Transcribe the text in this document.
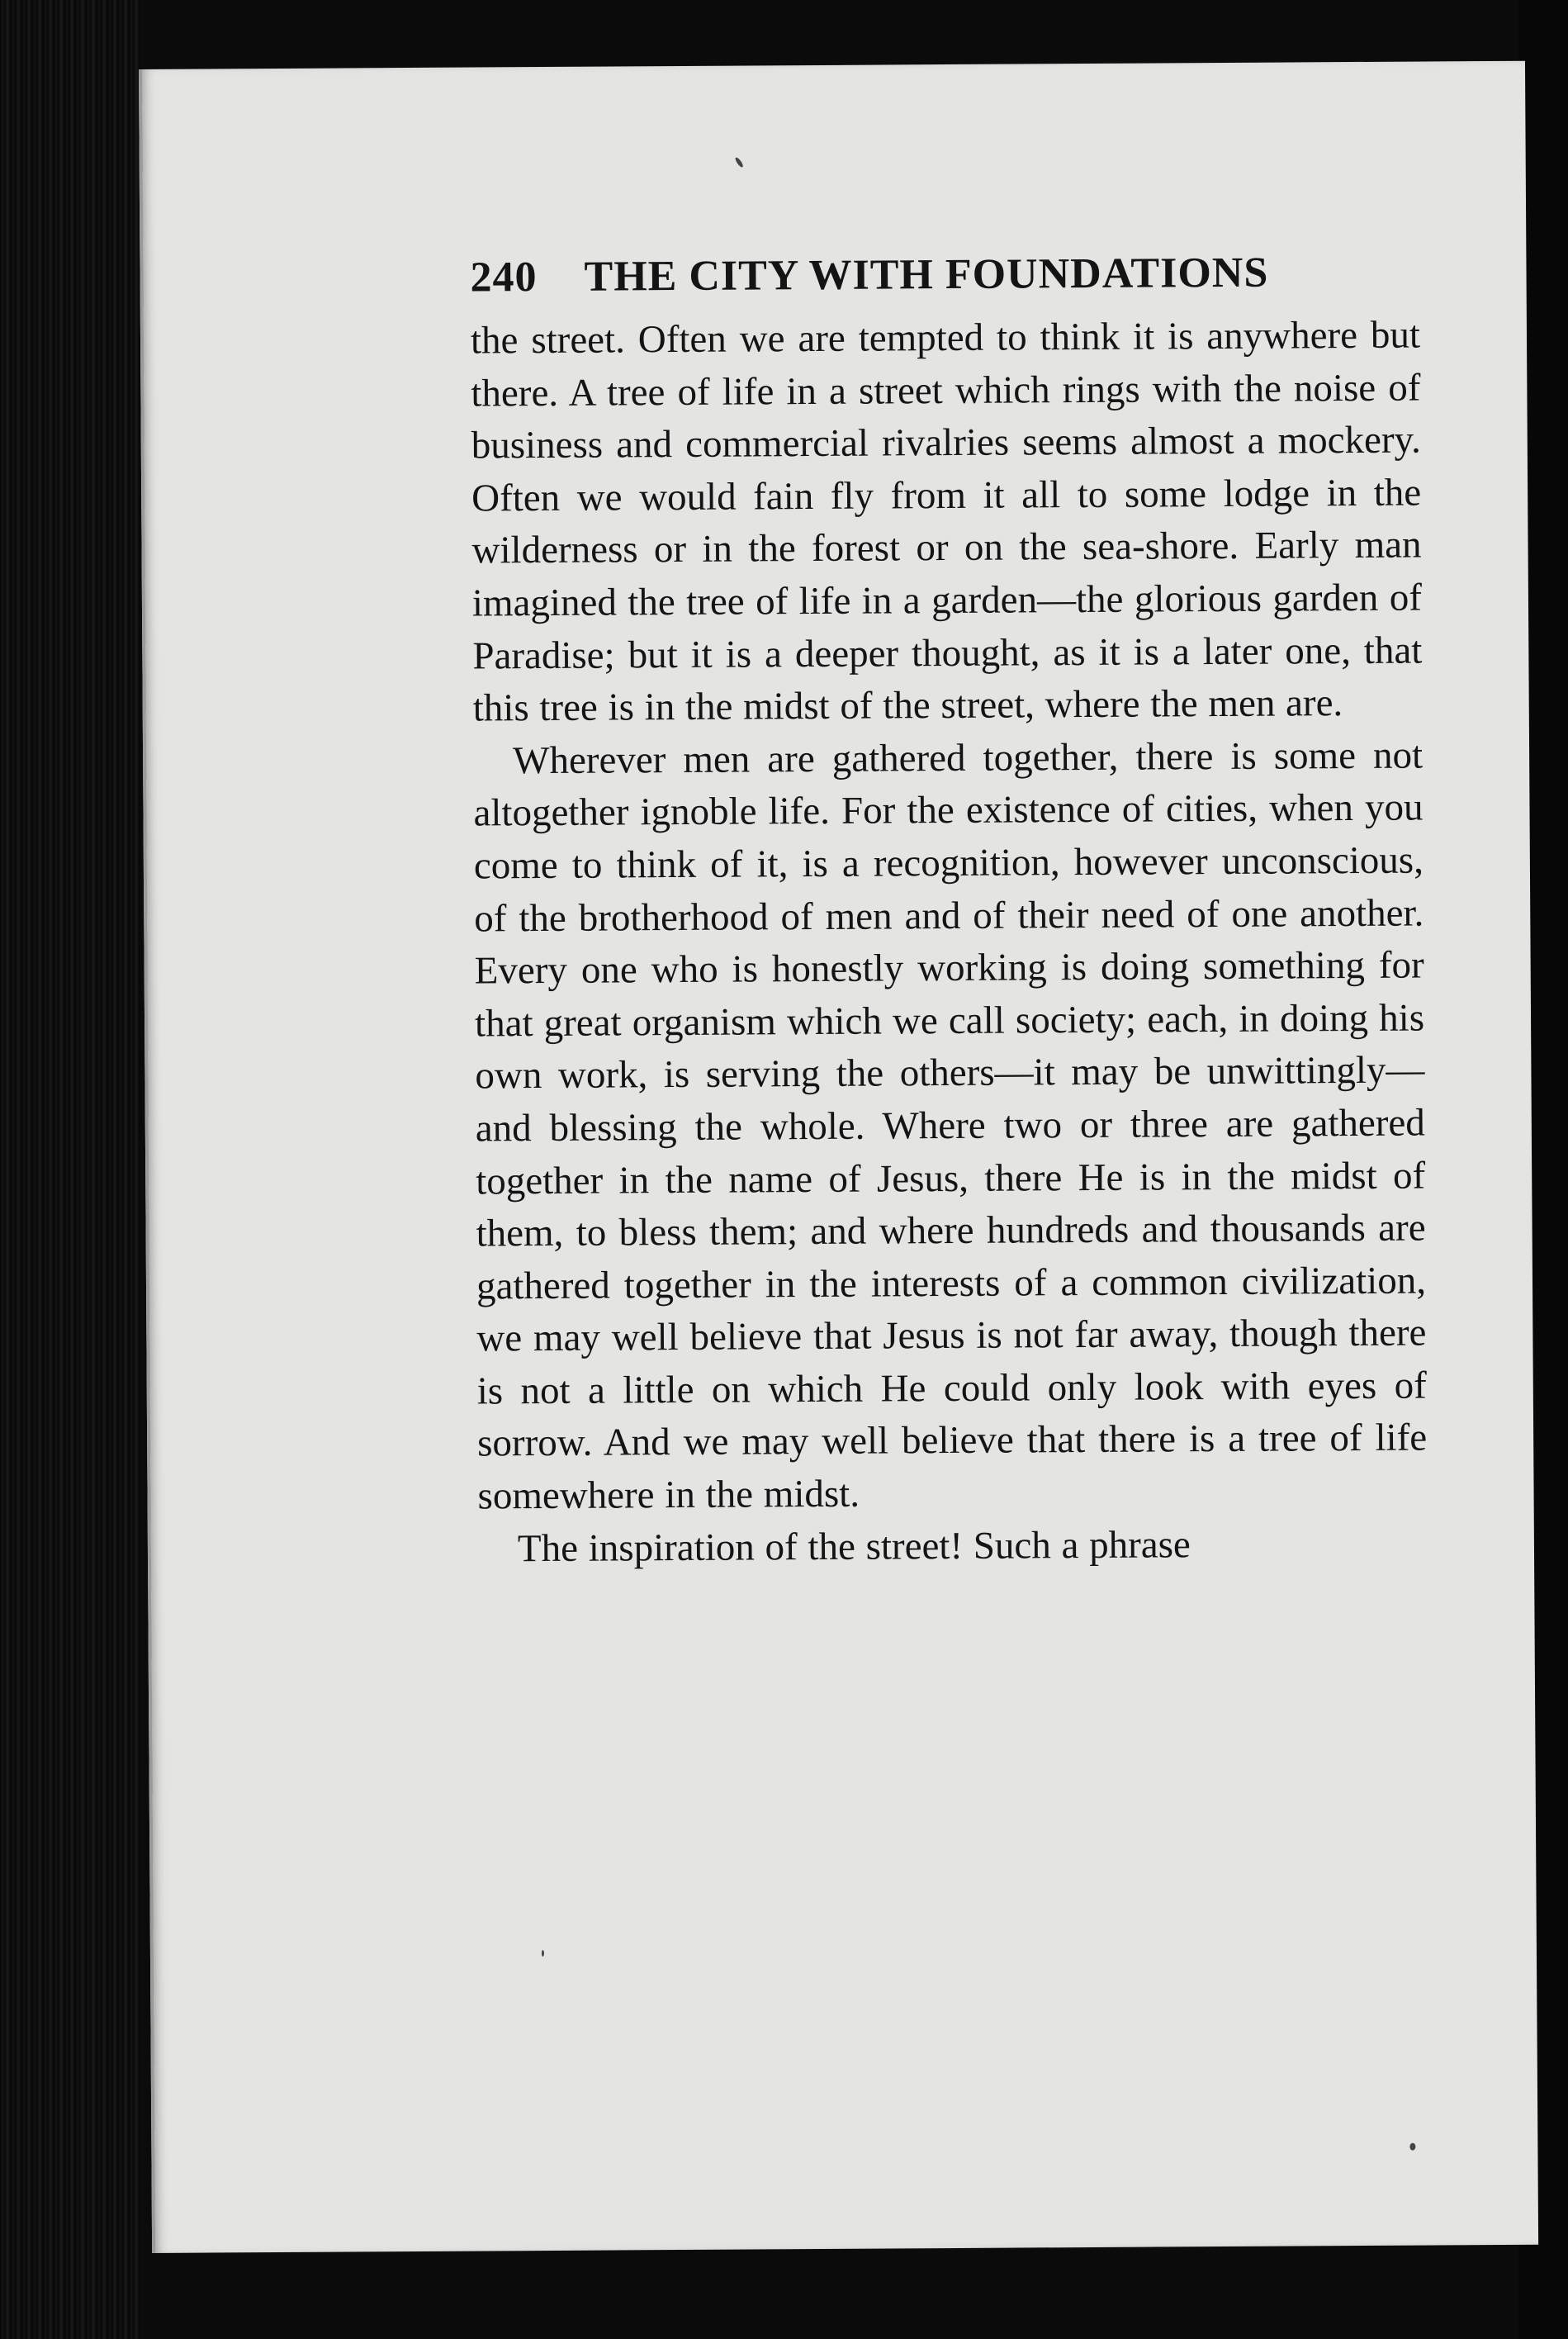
240 THE CITY WITH FOUNDATIONS

the street. Often we are tempted to think it is anywhere but there. A tree of life in a street which rings with the noise of business and commercial rivalries seems almost a mockery. Often we would fain fly from it all to some lodge in the wilderness or in the forest or on the sea-shore. Early man imagined the tree of life in a garden—the glorious garden of Paradise; but it is a deeper thought, as it is a later one, that this tree is in the midst of the street, where the men are.

Wherever men are gathered together, there is some not altogether ignoble life. For the existence of cities, when you come to think of it, is a recognition, however unconscious, of the brotherhood of men and of their need of one another. Every one who is honestly working is doing something for that great organism which we call society; each, in doing his own work, is serving the others—it may be unwittingly—and blessing the whole. Where two or three are gathered together in the name of Jesus, there He is in the midst of them, to bless them; and where hundreds and thousands are gathered together in the interests of a common civilization, we may well believe that Jesus is not far away, though there is not a little on which He could only look with eyes of sorrow. And we may well believe that there is a tree of life somewhere in the midst.

The inspiration of the street! Such a phrase
